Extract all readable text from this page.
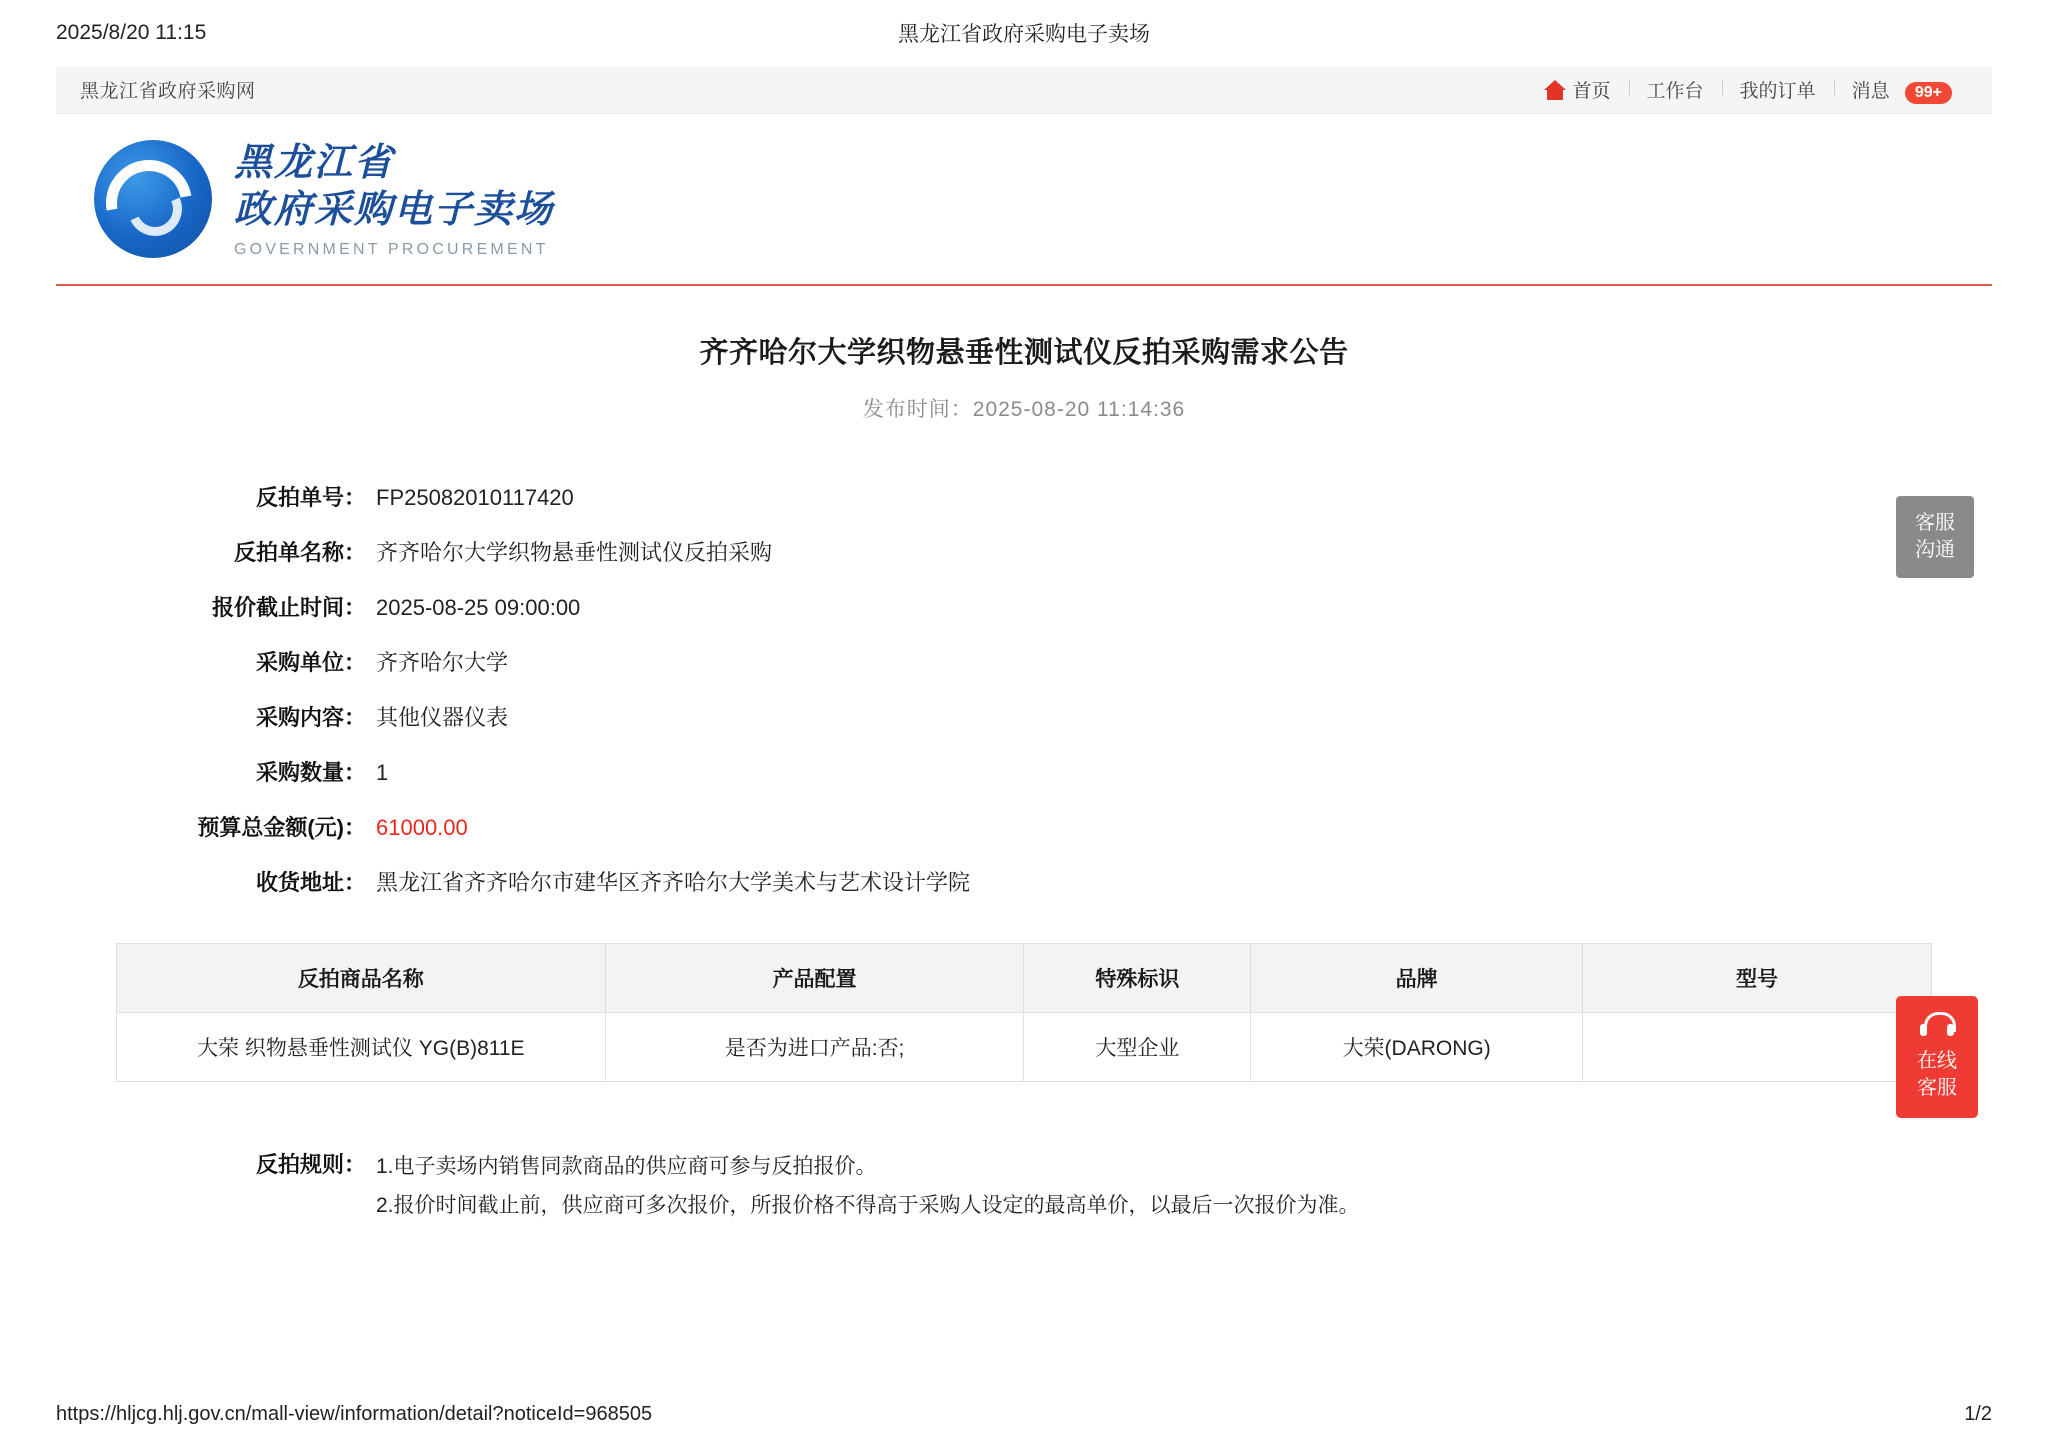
2025/8/20 11:15	黑龙江省政府采购电子卖场
黑龙江省政府采购网	首页	工作台	我的订单	消息 99+
黑龙江省
政府采购电子卖场
GOVERNMENT PROCUREMENT
齐齐哈尔大学织物悬垂性测试仪反拍采购需求公告
发布时间：2025-08-20 11:14:36
反拍单号： FP25082010117420
反拍单名称： 齐齐哈尔大学织物悬垂性测试仪反拍采购
报价截止时间： 2025-08-25 09:00:00
采购单位： 齐齐哈尔大学
采购内容： 其他仪器仪表
采购数量： 1
预算总金额(元)： 61000.00
收货地址： 黑龙江省齐齐哈尔市建华区齐齐哈尔大学美术与艺术设计学院
反拍商品名称	产品配置	特殊标识	品牌	型号
大荣 织物悬垂性测试仪 YG(B)811E	是否为进口产品:否;	大型企业	大荣(DARONG)	
反拍规则： 1.电子卖场内销售同款商品的供应商可参与反拍报价。
2.报价时间截止前，供应商可多次报价，所报价格不得高于采购人设定的最高单价，以最后一次报价为准。
客服
沟通
在线
客服
https://hljcg.hlj.gov.cn/mall-view/information/detail?noticeId=968505	1/2
